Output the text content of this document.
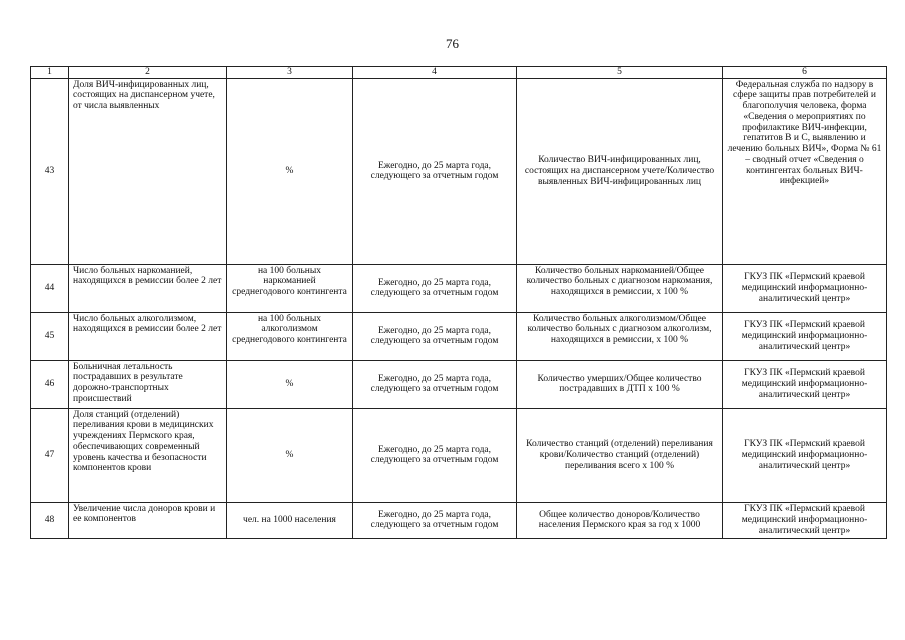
76
1	2	3	4	5	6
43	Доля ВИЧ-инфицированных лиц, состоящих на диспансерном учете, от числа выявленных	%	Ежегодно, до 25 марта года, следующего за отчетным годом	Количество ВИЧ-инфицированных лиц, состоящих на диспансерном учете/Количество выявленных ВИЧ-инфицированных лиц	Федеральная служба по надзору в сфере защиты прав потребителей и благополучия человека, форма «Сведения о мероприятиях по профилактике ВИЧ-инфекции, гепатитов В и С, выявлению и лечению больных ВИЧ», Форма № 61 – сводный отчет «Сведения о контингентах больных ВИЧ-инфекцией»
44	Число больных наркоманией, находящихся в ремиссии более 2 лет	на 100 больных наркоманией среднегодового контингента	Ежегодно, до 25 марта года, следующего за отчетным годом	Количество больных наркоманией/Общее количество больных с диагнозом наркомания, находящихся в ремиссии, х 100 %	ГКУЗ ПК «Пермский краевой медицинский информационно-аналитический центр»
45	Число больных алкоголизмом, находящихся в ремиссии более 2 лет	на 100 больных алкоголизмом среднегодового контингента	Ежегодно, до 25 марта года, следующего за отчетным годом	Количество больных алкоголизмом/Общее количество больных с диагнозом алкоголизм, находящихся в ремиссии, х 100 %	ГКУЗ ПК «Пермский краевой медицинский информационно-аналитический центр»
46	Больничная летальность пострадавших в результате дорожно-транспортных происшествий	%	Ежегодно, до 25 марта года, следующего за отчетным годом	Количество умерших/Общее количество пострадавших в ДТП х 100 %	ГКУЗ ПК «Пермский краевой медицинский информационно-аналитический центр»
47	Доля станций (отделений) переливания крови в медицинских учреждениях Пермского края, обеспечивающих современный уровень качества и безопасности компонентов крови	%	Ежегодно, до 25 марта года, следующего за отчетным годом	Количество станций (отделений) переливания крови/Количество станций (отделений) переливания всего х 100 %	ГКУЗ ПК «Пермский краевой медицинский информационно-аналитический центр»
48	Увеличение числа доноров крови и ее компонентов	чел. на 1000 населения	Ежегодно, до 25 марта года, следующего за отчетным годом	Общее количество доноров/Количество населения Пермского края за год х 1000	ГКУЗ ПК «Пермский краевой медицинский информационно-аналитический центр»
